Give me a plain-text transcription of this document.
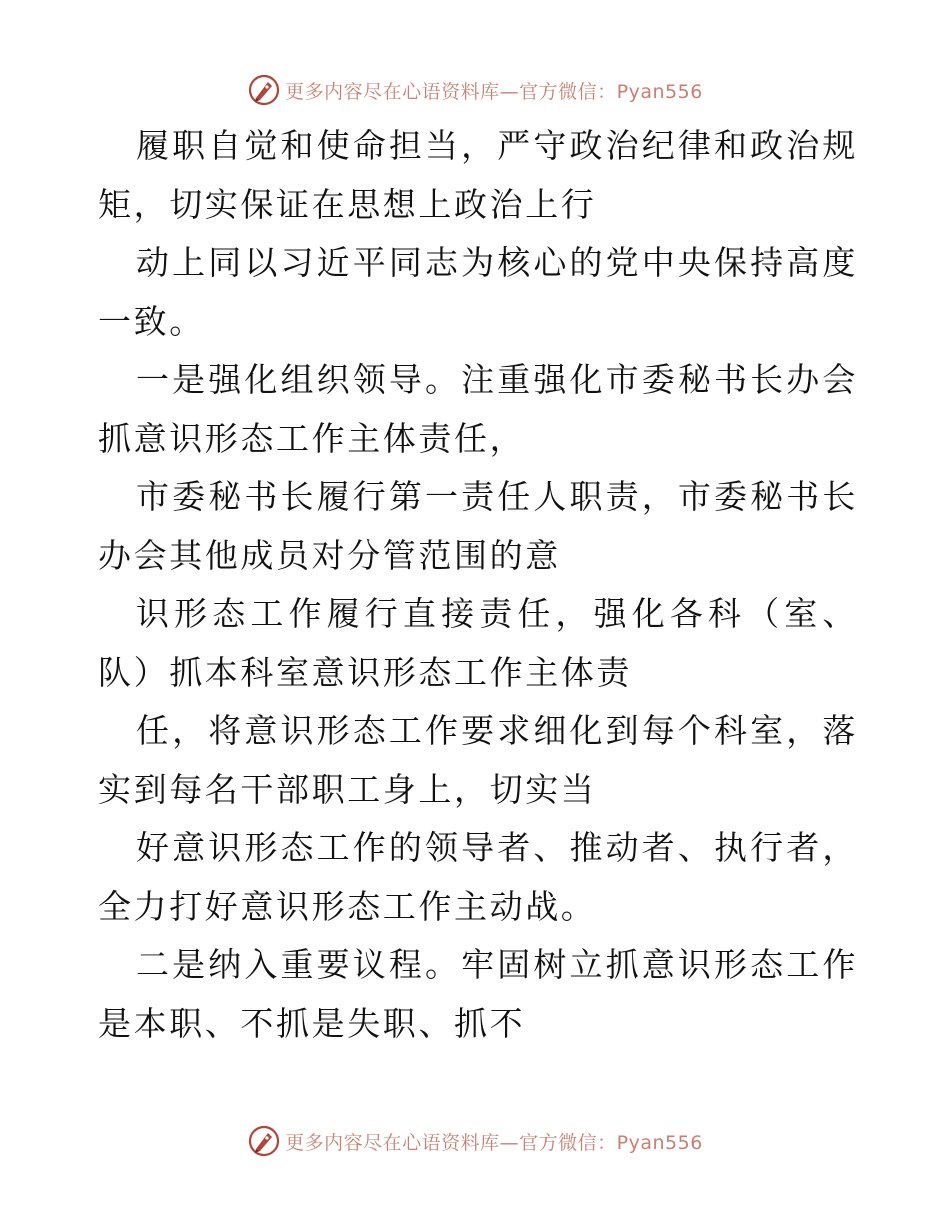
更多内容尽在心语资料库—官方微信：Pyan556

履职自觉和使命担当，严守政治纪律和政治规矩，切实保证在思想上政治上行

动上同以习近平同志为核心的党中央保持高度一致。

一是强化组织领导。注重强化市委秘书长办会抓意识形态工作主体责任，

市委秘书长履行第一责任人职责，市委秘书长办会其他成员对分管范围的意

识形态工作履行直接责任，强化各科（室、队）抓本科室意识形态工作主体责

任，将意识形态工作要求细化到每个科室，落实到每名干部职工身上，切实当

好意识形态工作的领导者、推动者、执行者，全力打好意识形态工作主动战。

二是纳入重要议程。牢固树立抓意识形态工作是本职、不抓是失职、抓不

更多内容尽在心语资料库—官方微信：Pyan556
